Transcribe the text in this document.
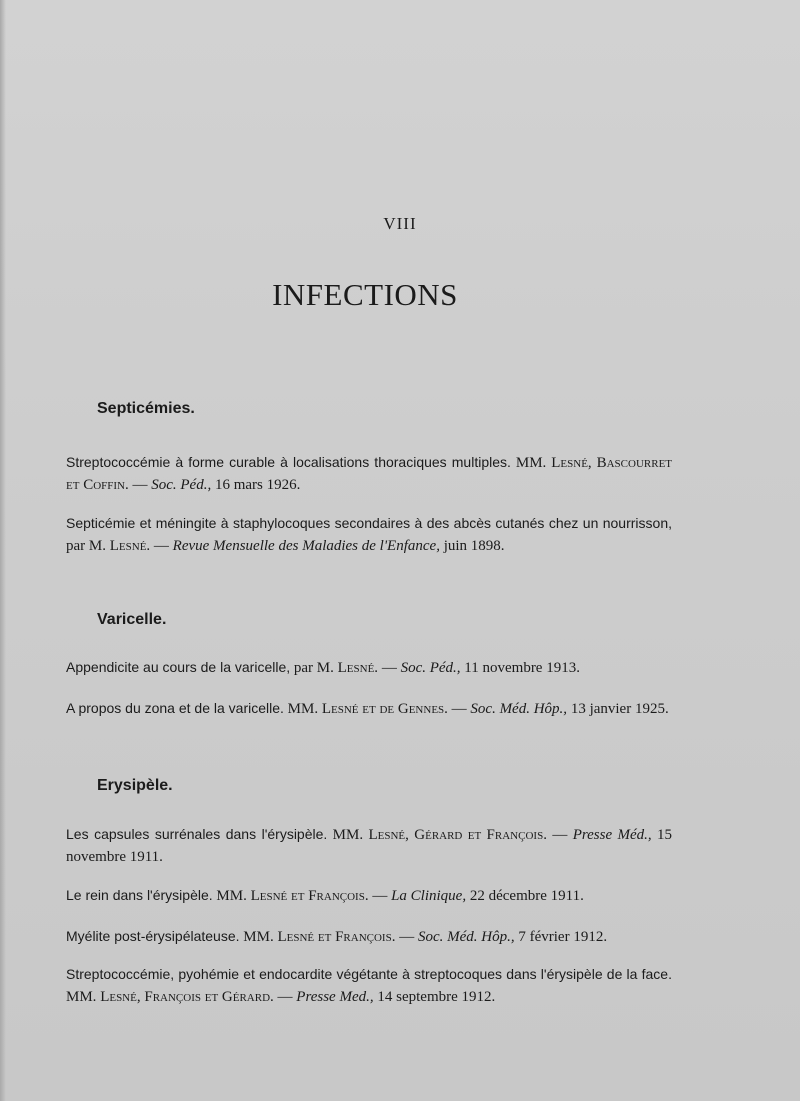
VIII
INFECTIONS
Septicémies.
Streptococcémie à forme curable à localisations thoraciques multiples. MM. Lesné, Bascourret et Coffin. — Soc. Péd., 16 mars 1926.
Septicémie et méningite à staphylocoques secondaires à des abcès cutanés chez un nourrisson, par M. Lesné. — Revue Mensuelle des Maladies de l'Enfance, juin 1898.
Varicelle.
Appendicite au cours de la varicelle, par M. Lesné. — Soc. Péd., 11 novembre 1913.
A propos du zona et de la varicelle. MM. Lesné et de Gennes. — Soc. Méd. Hôp., 13 janvier 1925.
Erysipèle.
Les capsules surrénales dans l'érysipèle. MM. Lesné, Gérard et François. — Presse Méd., 15 novembre 1911.
Le rein dans l'érysipèle. MM. Lesné et François. — La Clinique, 22 décembre 1911.
Myélite post-érysipélateuse. MM. Lesné et François. — Soc. Méd. Hôp., 7 février 1912.
Streptococcémie, pyohémie et endocardite végétante à streptocoques dans l'érysipèle de la face. MM. Lesné, François et Gérard. — Presse Med., 14 septembre 1912.
